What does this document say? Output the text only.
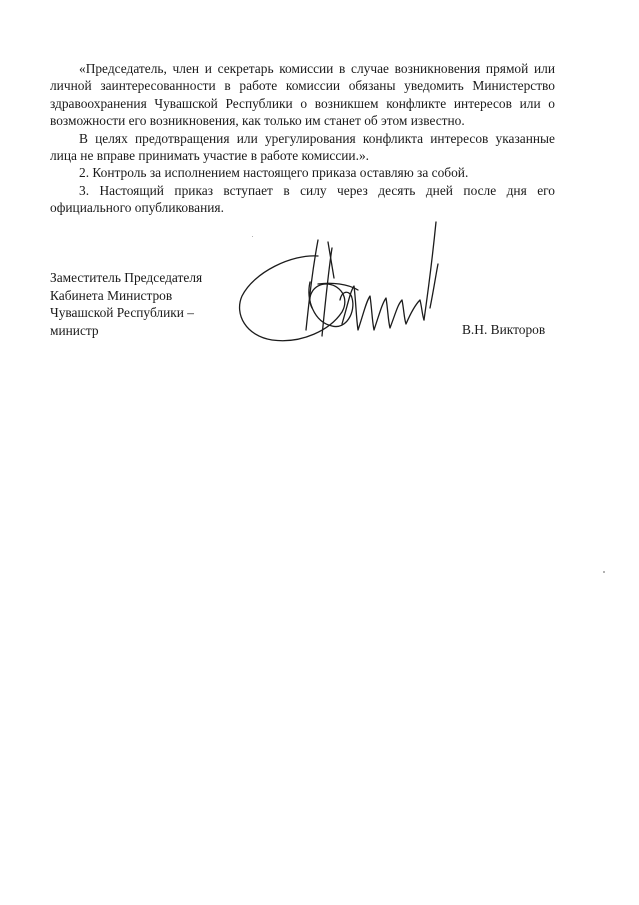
«Председатель, член и секретарь комиссии в случае возникновения прямой или личной заинтересованности в работе комиссии обязаны уведомить Министерство здравоохранения Чувашской Республики о возникшем конфликте интересов или о возможности его возникновения, как только им станет об этом известно.

В целях предотвращения или урегулирования конфликта интересов указанные лица не вправе принимать участие в работе комиссии.».

2. Контроль за исполнением настоящего приказа оставляю за собой.

3. Настоящий приказ вступает в силу через десять дней после дня его официального опубликования.

Заместитель Председателя
Кабинета Министров
Чувашской Республики –
министр	В.Н. Викторов
